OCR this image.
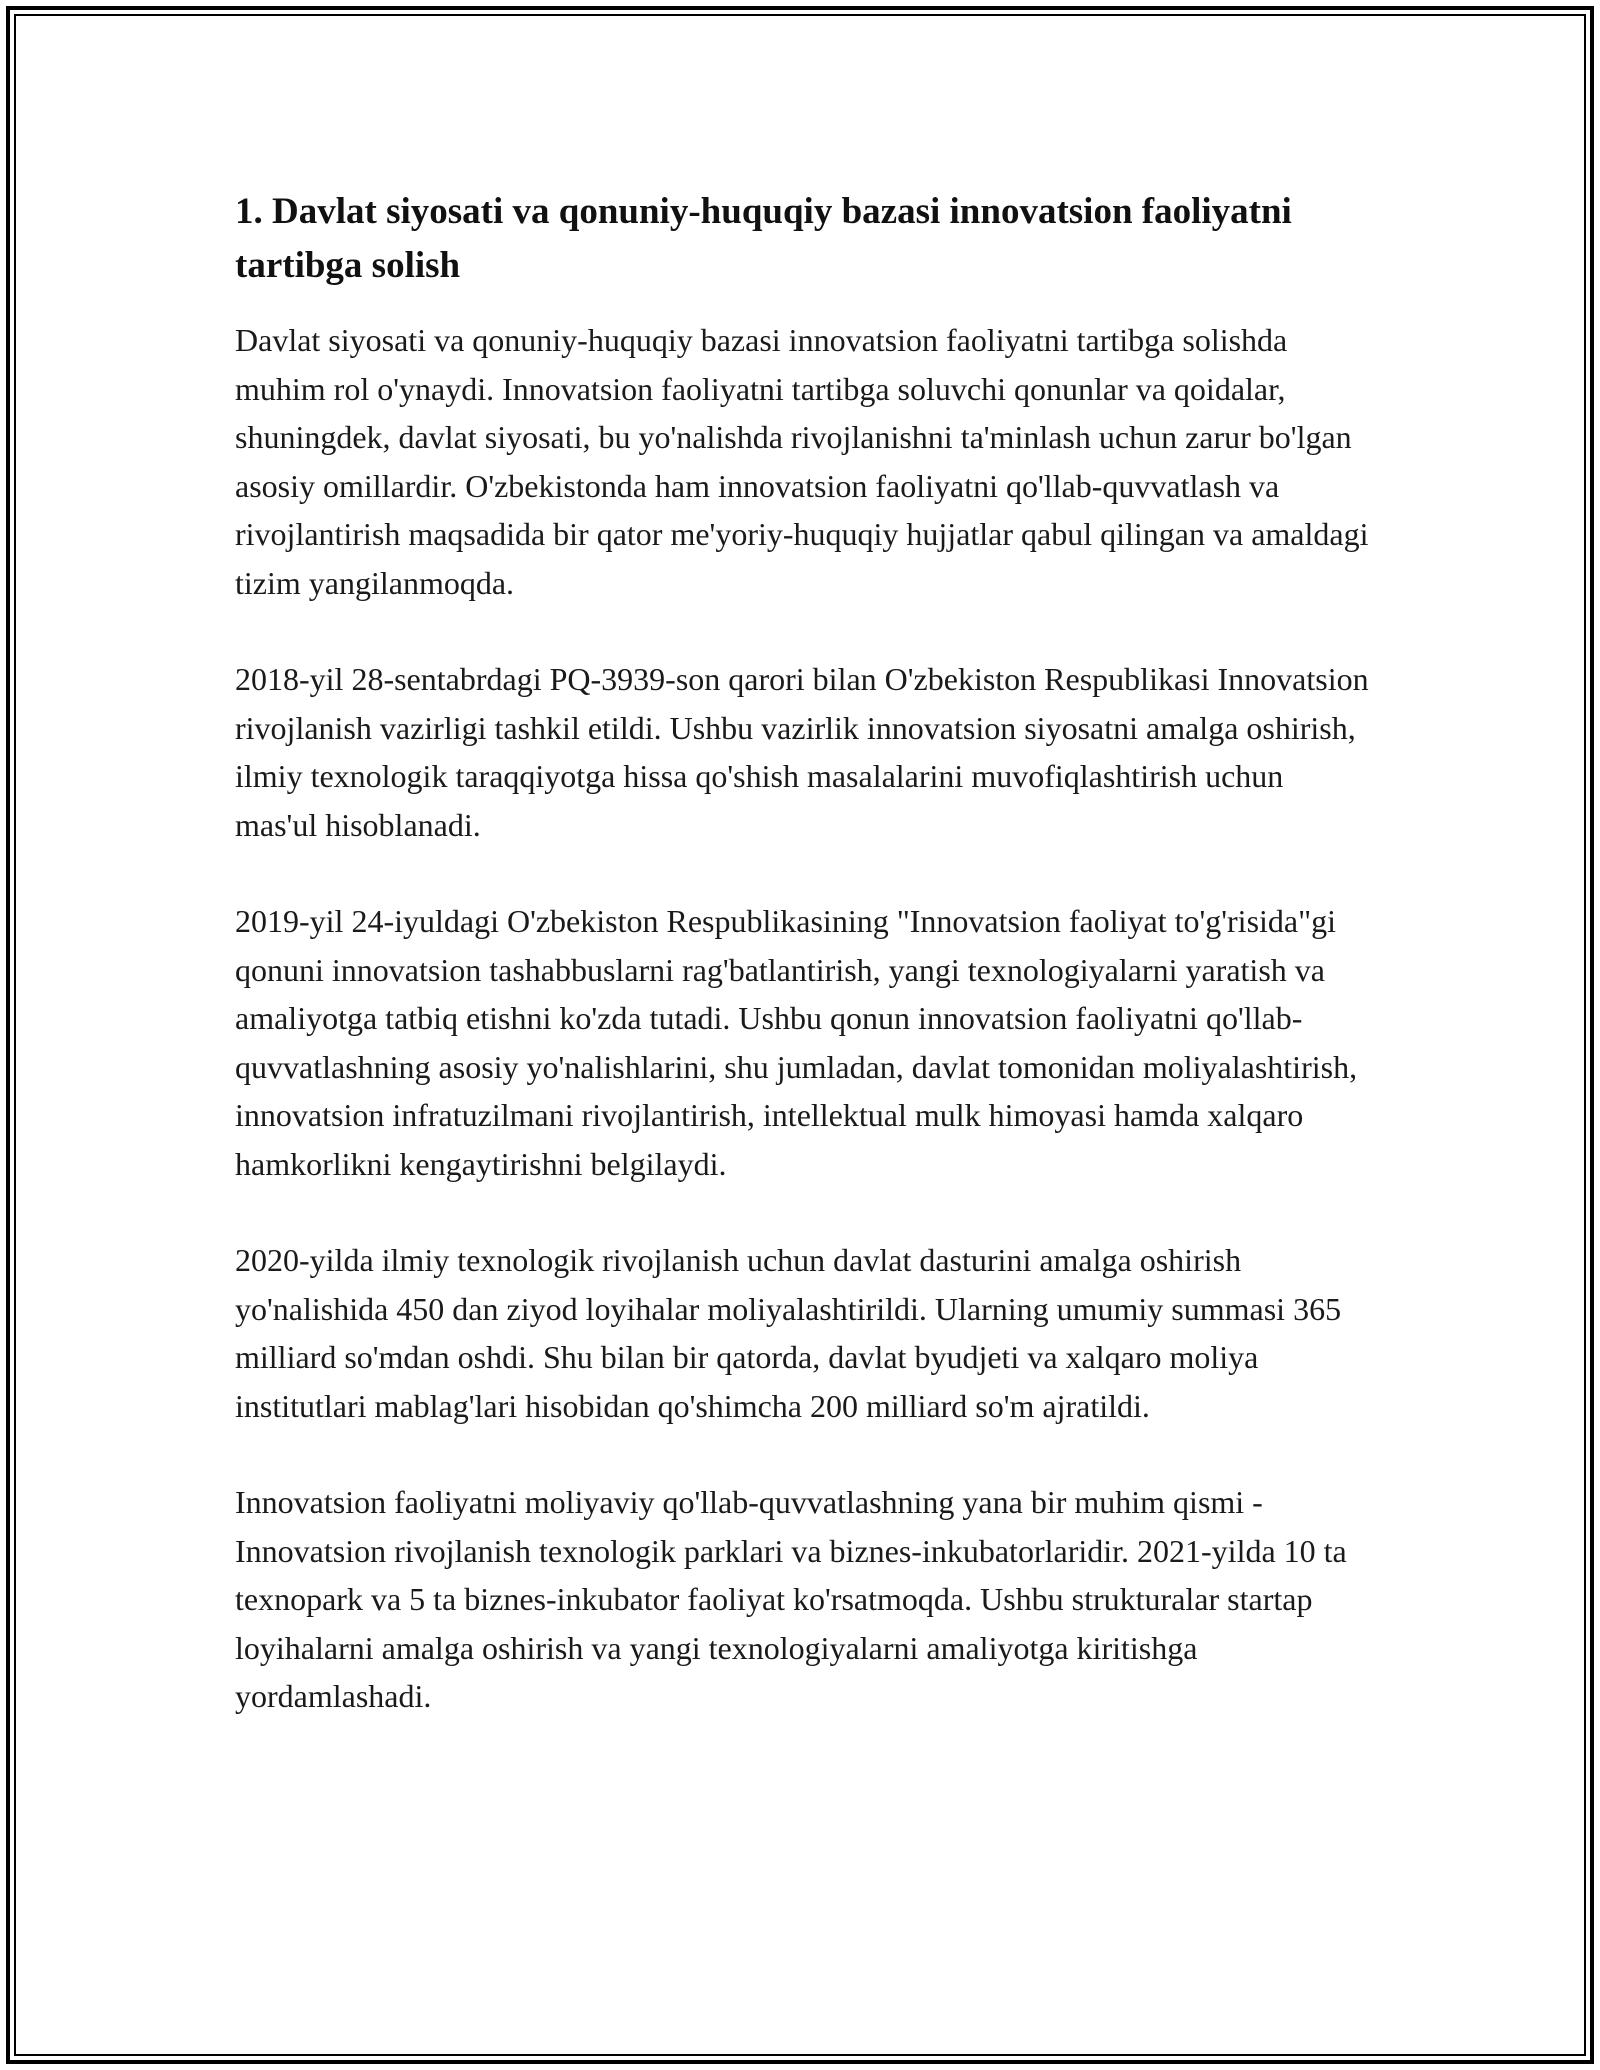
1. Davlat siyosati va qonuniy-huquqiy bazasi innovatsion faoliyatni tartibga solish

Davlat siyosati va qonuniy-huquqiy bazasi innovatsion faoliyatni tartibga solishda muhim rol o'ynaydi. Innovatsion faoliyatni tartibga soluvchi qonunlar va qoidalar, shuningdek, davlat siyosati, bu yo'nalishda rivojlanishni ta'minlash uchun zarur bo'lgan asosiy omillardir. O'zbekistonda ham innovatsion faoliyatni qo'llab-quvvatlash va rivojlantirish maqsadida bir qator me'yoriy-huquqiy hujjatlar qabul qilingan va amaldagi tizim yangilanmoqda.

2018-yil 28-sentabrdagi PQ-3939-son qarori bilan O'zbekiston Respublikasi Innovatsion rivojlanish vazirligi tashkil etildi. Ushbu vazirlik innovatsion siyosatni amalga oshirish, ilmiy texnologik taraqqiyotga hissa qo'shish masalalarini muvofiqlashtirish uchun mas'ul hisoblanadi.

2019-yil 24-iyuldagi O'zbekiston Respublikasining "Innovatsion faoliyat to'g'risida"gi qonuni innovatsion tashabbuslarni rag'batlantirish, yangi texnologiyalarni yaratish va amaliyotga tatbiq etishni ko'zda tutadi. Ushbu qonun innovatsion faoliyatni qo'llab-quvvatlashning asosiy yo'nalishlarini, shu jumladan, davlat tomonidan moliyalashtirish, innovatsion infratuzilmani rivojlantirish, intellektual mulk himoyasi hamda xalqaro hamkorlikni kengaytirishni belgilaydi.

2020-yilda ilmiy texnologik rivojlanish uchun davlat dasturini amalga oshirish yo'nalishida 450 dan ziyod loyihalar moliyalashtirildi. Ularning umumiy summasi 365 milliard so'mdan oshdi. Shu bilan bir qatorda, davlat byudjeti va xalqaro moliya institutlari mablag'lari hisobidan qo'shimcha 200 milliard so'm ajratildi.

Innovatsion faoliyatni moliyaviy qo'llab-quvvatlashning yana bir muhim qismi - Innovatsion rivojlanish texnologik parklari va biznes-inkubatorlaridir. 2021-yilda 10 ta texnopark va 5 ta biznes-inkubator faoliyat ko'rsatmoqda. Ushbu strukturalar startap loyihalarni amalga oshirish va yangi texnologiyalarni amaliyotga kiritishga yordamlashadi.
